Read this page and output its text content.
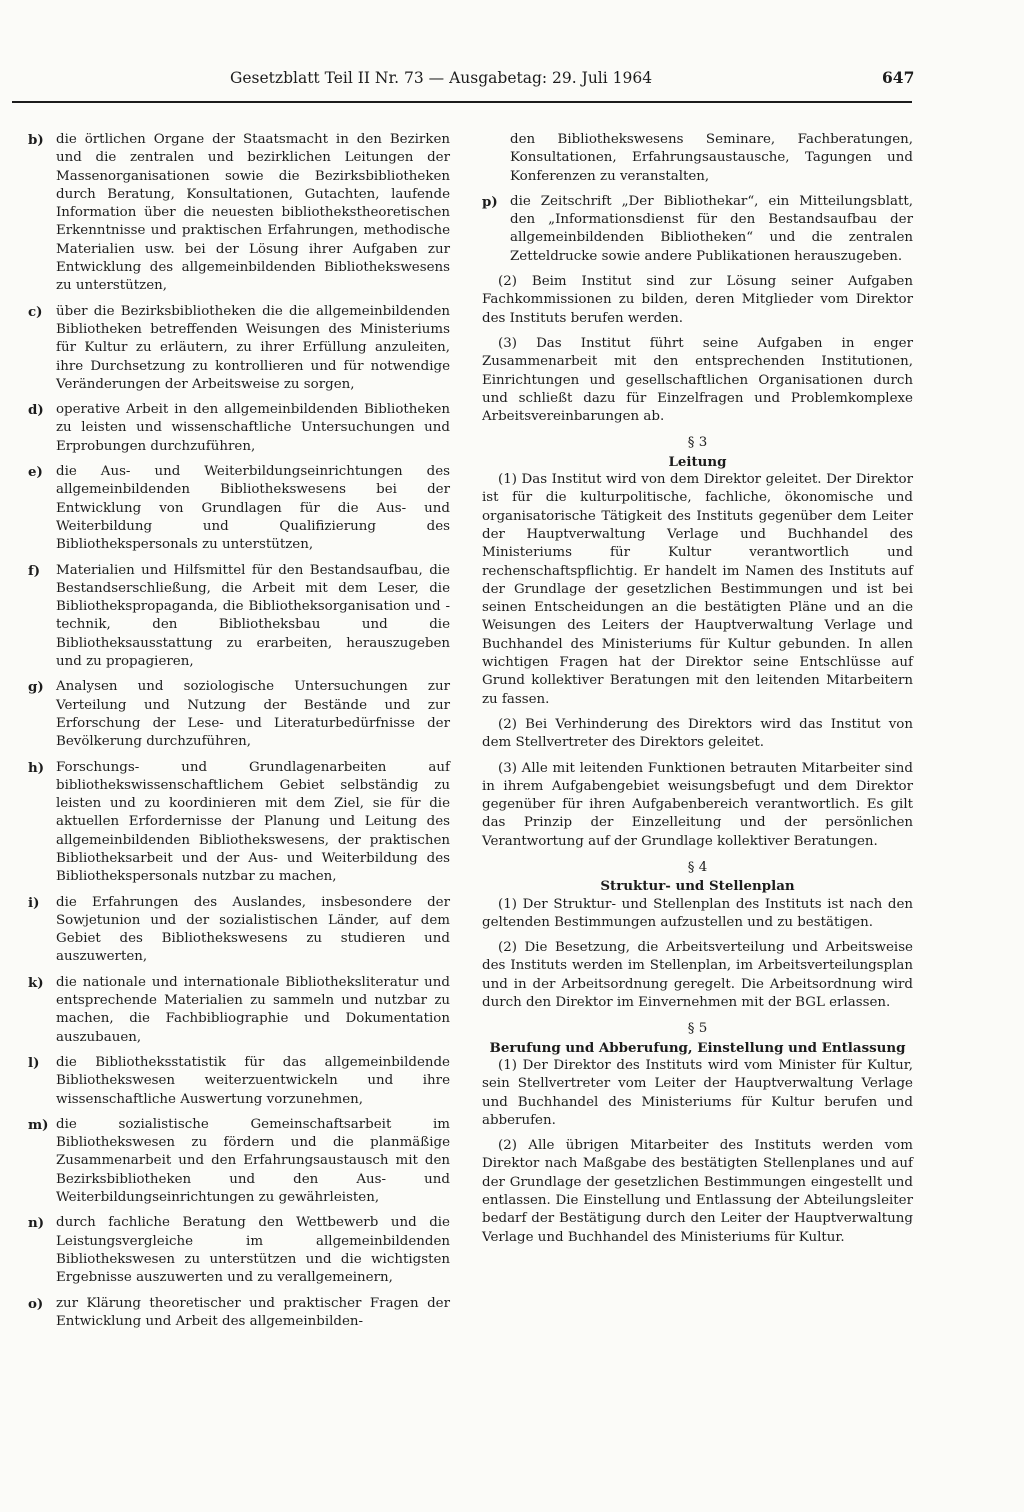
Gesetzblatt Teil II Nr. 73 — Ausgabetag: 29. Juli 1964	647
b) die örtlichen Organe der Staatsmacht in den Bezirken und die zentralen und bezirklichen Leitungen der Massenorganisationen sowie die Bezirksbibliotheken durch Beratung, Konsultationen, Gutachten, laufende Information über die neuesten bibliothekstheoretischen Erkenntnisse und praktischen Erfahrungen, methodische Materialien usw. bei der Lösung ihrer Aufgaben zur Entwicklung des allgemeinbildenden Bibliothekswesens zu unterstützen,
c)	über die Bezirksbibliotheken die die allgemeinbildenden Bibliotheken betreffenden Weisungen des Ministeriums für Kultur zu erläutern, zu ihrer Erfüllung anzuleiten, ihre Durchsetzung zu kontrollieren und für notwendige Veränderungen der Arbeitsweise zu sorgen,
d) operative Arbeit in den allgemeinbildenden Bibliotheken zu leisten und wissenschaftliche Untersuchungen und Erprobungen durchzuführen,
e) die Aus- und Weiterbildungseinrichtungen des allgemeinbildenden Bibliothekswesens bei der Entwicklung von Grundlagen für die Aus- und Weiterbildung und Qualifizierung des Bibliothekspersonals zu unterstützen,
f)	Materialien und Hilfsmittel für den Bestandsaufbau, die Bestandserschließung, die Arbeit mit dem Leser, die Bibliothekspropaganda, die Bibliotheksorganisation und -technik, den Bibliotheksbau und die Bibliotheksausstattung zu erarbeiten, herauszugeben und zu propagieren,
g) Analysen und soziologische Untersuchungen zur Verteilung und Nutzung der Bestände und zur Erforschung der Lese- und Literaturbedürfnisse der Bevölkerung durchzuführen,
h) Forschungs- und Grundlagenarbeiten auf bibliothekswissenschaftlichem Gebiet selbständig zu leisten und zu koordinieren mit dem Ziel, sie für die aktuellen Erfordernisse der Planung und Leitung des allgemeinbildenden Bibliothekswesens, der praktischen Bibliotheksarbeit und der Aus- und Weiterbildung des Bibliothekspersonals nutzbar zu machen,
i)	die Erfahrungen des Auslandes, insbesondere der Sowjetunion und der sozialistischen Länder, auf dem Gebiet des Bibliothekswesens zu studieren und auszuwerten,
k) die nationale und internationale Bibliotheksliteratur und entsprechende Materialien zu sammeln und nutzbar zu machen, die Fachbibliographie und Dokumentation auszubauen,
l)	die Bibliotheksstatistik für das allgemeinbildende Bibliothekswesen weiterzuentwickeln und ihre wissenschaftliche Auswertung vorzunehmen,
m) die sozialistische Gemeinschaftsarbeit im Bibliothekswesen zu fördern und die planmäßige Zusammenarbeit und den Erfahrungsaustausch mit den Bezirksbibliotheken und den Aus- und Weiterbildungseinrichtungen zu gewährleisten,
n) durch fachliche Beratung den Wettbewerb und die Leistungsvergleiche im allgemeinbildenden Bibliothekswesen zu unterstützen und die wichtigsten Ergebnisse auszuwerten und zu verallgemeinern,
o) zur Klärung theoretischer und praktischer Fragen der Entwicklung und Arbeit des allgemeinbilden-
den Bibliothekswesens Seminare, Fachberatungen, Konsultationen, Erfahrungsaustausche, Tagungen und Konferenzen zu veranstalten,
p) die Zeitschrift „Der Bibliothekar“, ein Mitteilungsblatt, den „Informationsdienst für den Bestandsaufbau der allgemeinbildenden Bibliotheken“ und die zentralen Zetteldrucke sowie andere Publikationen herauszugeben.

(2) Beim Institut sind zur Lösung seiner Aufgaben Fachkommissionen zu bilden, deren Mitglieder vom Direktor des Instituts berufen werden.

(3) Das Institut führt seine Aufgaben in enger Zusammenarbeit mit den entsprechenden Institutionen, Einrichtungen und gesellschaftlichen Organisationen durch und schließt dazu für Einzelfragen und Problemkomplexe Arbeitsvereinbarungen ab.

§ 3
Leitung

(1) Das Institut wird von dem Direktor geleitet. Der Direktor ist für die kulturpolitische, fachliche, ökonomische und organisatorische Tätigkeit des Instituts gegenüber dem Leiter der Hauptverwaltung Verlage und Buchhandel des Ministeriums für Kultur verantwortlich und rechenschaftspflichtig. Er handelt im Namen des Instituts auf der Grundlage der gesetzlichen Bestimmungen und ist bei seinen Entscheidungen an die bestätigten Pläne und an die Weisungen des Leiters der Hauptverwaltung Verlage und Buchhandel des Ministeriums für Kultur gebunden. In allen wichtigen Fragen hat der Direktor seine Entschlüsse auf Grund kollektiver Beratungen mit den leitenden Mitarbeitern zu fassen.

(2) Bei Verhinderung des Direktors wird das Institut von dem Stellvertreter des Direktors geleitet.

(3) Alle mit leitenden Funktionen betrauten Mitarbeiter sind in ihrem Aufgabengebiet weisungsbefugt und dem Direktor gegenüber für ihren Aufgabenbereich verantwortlich. Es gilt das Prinzip der Einzelleitung und der persönlichen Verantwortung auf der Grundlage kollektiver Beratungen.

§ 4
Struktur- und Stellenplan

(1) Der Struktur- und Stellenplan des Instituts ist nach den geltenden Bestimmungen aufzustellen und zu bestätigen.

(2) Die Besetzung, die Arbeitsverteilung und Arbeitsweise des Instituts werden im Stellenplan, im Arbeitsverteilungsplan und in der Arbeitsordnung geregelt. Die Arbeitsordnung wird durch den Direktor im Einvernehmen mit der BGL erlassen.

§ 5
Berufung und Abberufung, Einstellung und Entlassung

(1) Der Direktor des Instituts wird vom Minister für Kultur, sein Stellvertreter vom Leiter der Hauptverwaltung Verlage und Buchhandel des Ministeriums für Kultur berufen und abberufen.

(2) Alle übrigen Mitarbeiter des Instituts werden vom Direktor nach Maßgabe des bestätigten Stellenplanes und auf der Grundlage der gesetzlichen Bestimmungen eingestellt und entlassen. Die Einstellung und Entlassung der Abteilungsleiter bedarf der Bestätigung durch den Leiter der Hauptverwaltung Verlage und Buchhandel des Ministeriums für Kultur.
